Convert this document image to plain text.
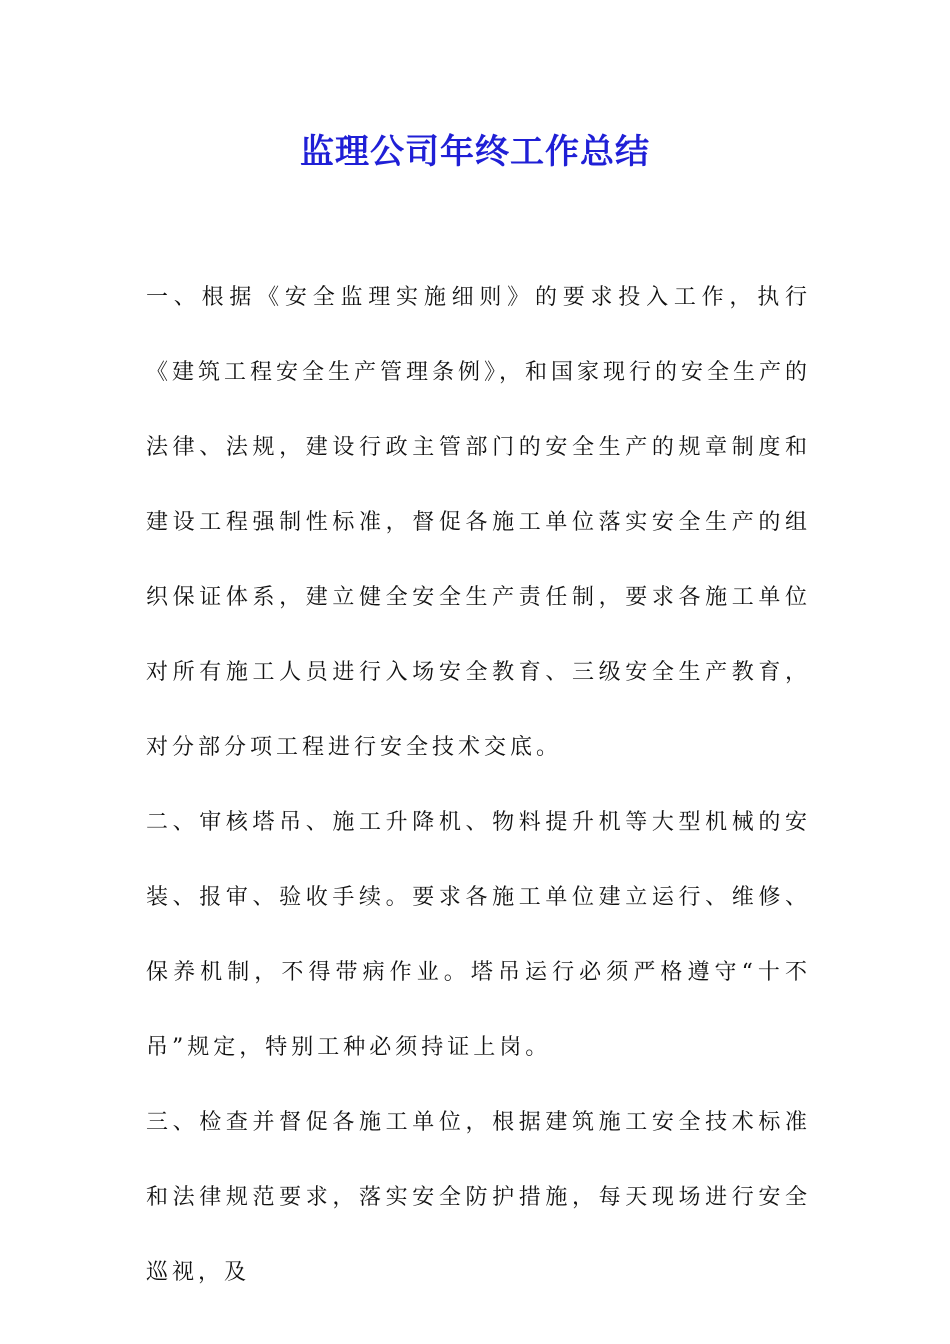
监理公司年终工作总结

一、根据《安全监理实施细则》的要求投入工作，执行《建筑工程安全生产管理条例》，和国家现行的安全生产的法律、法规，建设行政主管部门的安全生产的规章制度和建设工程强制性标准，督促各施工单位落实安全生产的组织保证体系，建立健全安全生产责任制，要求各施工单位对所有施工人员进行入场安全教育、三级安全生产教育，对分部分项工程进行安全技术交底。

二、审核塔吊、施工升降机、物料提升机等大型机械的安装、报审、验收手续。要求各施工单位建立运行、维修、保养机制，不得带病作业。塔吊运行必须严格遵守“十不吊”规定，特别工种必须持证上岗。

三、检查并督促各施工单位，根据建筑施工安全技术标准和法律规范要求，落实安全防护措施，每天现场进行安全巡视，及
